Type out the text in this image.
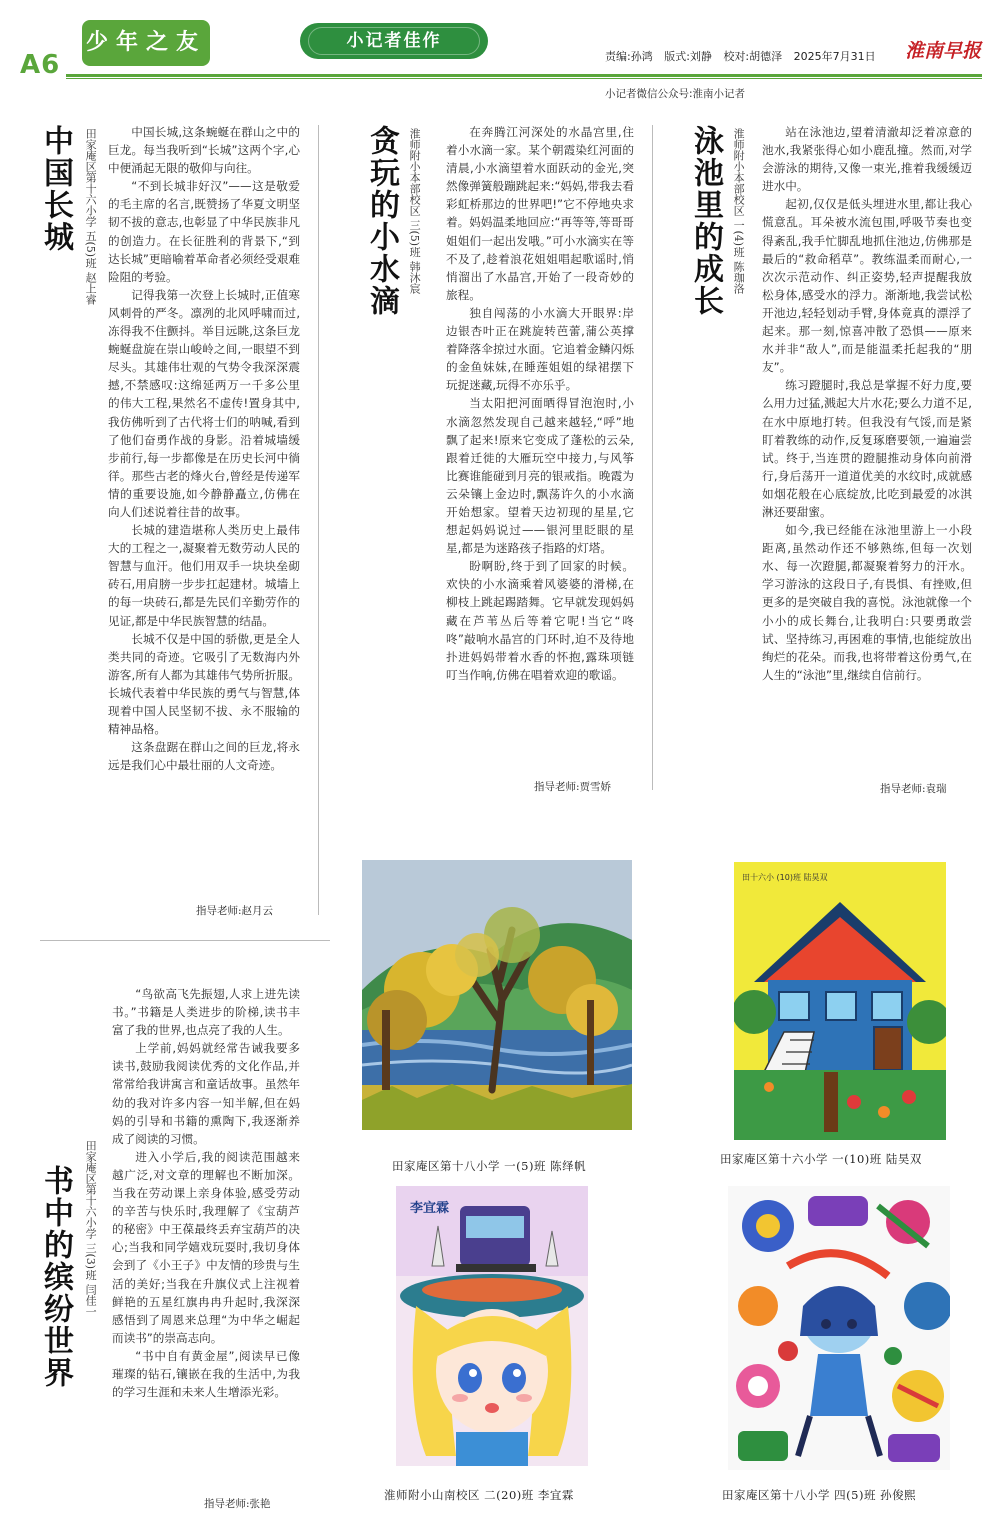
A6
少年之友	小记者佳作
责编:孙鸿 版式:刘静 校对:胡德泽 2025年7月31日	淮南早报
小记者微信公众号:淮南小记者
中国长城 田家庵区第十六小学 五(5)班 赵上睿	中国长城,这条蜿蜒在群山之中的巨龙。每当我听到“长城”这两个字,心中便涌起无限的敬仰与向往。

“不到长城非好汉”——这是敬爱的毛主席的名言,既赞扬了华夏文明坚韧不拔的意志,也彰显了中华民族非凡的创造力。在长征胜利的背景下,“到达长城”更暗喻着革命者必须经受艰难险阻的考验。

记得我第一次登上长城时,正值寒风刺骨的严冬。凛冽的北风呼啸而过,冻得我不住颤抖。举目远眺,这条巨龙蜿蜒盘旋在崇山峻岭之间,一眼望不到尽头。其雄伟壮观的气势令我深深震撼,不禁感叹:这绵延两万一千多公里的伟大工程,果然名不虚传!置身其中,我仿佛听到了古代将士们的呐喊,看到了他们奋勇作战的身影。沿着城墙缓步前行,每一步都像是在历史长河中徜徉。那些古老的烽火台,曾经是传递军情的重要设施,如今静静矗立,仿佛在向人们述说着往昔的故事。

长城的建造堪称人类历史上最伟大的工程之一,凝聚着无数劳动人民的智慧与血汗。他们用双手一块块垒砌砖石,用肩膀一步步扛起建材。城墙上的每一块砖石,都是先民们辛勤劳作的见证,都是中华民族智慧的结晶。

长城不仅是中国的骄傲,更是全人类共同的奇迹。它吸引了无数海内外游客,所有人都为其雄伟气势所折服。长城代表着中华民族的勇气与智慧,体现着中国人民坚韧不拔、永不服输的精神品格。

这条盘踞在群山之间的巨龙,将永远是我们心中最壮丽的人文奇迹。

指导老师:赵月云
贪玩的小水滴 淮师附小本部校区 三(5)班 韩沐宸	在奔腾江河深处的水晶宫里,住着小水滴一家。某个朝霞染红河面的清晨,小水滴望着水面跃动的金光,突然像弹簧般蹦跳起来:“妈妈,带我去看彩虹桥那边的世界吧!”它不停地央求着。妈妈温柔地回应:“再等等,等哥哥姐姐们一起出发哦。”可小水滴实在等不及了,趁着浪花姐姐唱起歌谣时,悄悄溜出了水晶宫,开始了一段奇妙的旅程。

独自闯荡的小水滴大开眼界:岸边银杏叶正在跳旋转芭蕾,蒲公英撑着降落伞掠过水面。它追着金鳞闪烁的金鱼妹妹,在睡莲姐姐的绿裙摆下玩捉迷藏,玩得不亦乐乎。

当太阳把河面晒得冒泡泡时,小水滴忽然发现自己越来越轻,“呼”地飘了起来!原来它变成了蓬松的云朵,跟着迁徙的大雁玩空中接力,与风筝比赛谁能碰到月亮的银戒指。晚霞为云朵镶上金边时,飘荡许久的小水滴开始想家。望着天边初现的星星,它想起妈妈说过——银河里眨眼的星星,都是为迷路孩子指路的灯塔。

盼啊盼,终于到了回家的时候。欢快的小水滴乘着风婆婆的滑梯,在柳枝上跳起踢踏舞。它早就发现妈妈藏在芦苇丛后等着它呢!当它“咚咚”敲响水晶宫的门环时,迫不及待地扑进妈妈带着水香的怀抱,露珠项链叮当作响,仿佛在唱着欢迎的歌谣。

指导老师:贾雪娇
泳池里的成长 淮师附小本部校区 一(4)班 陈珈洛	站在泳池边,望着清澈却泛着凉意的池水,我紧张得心如小鹿乱撞。然而,对学会游泳的期待,又像一束光,推着我缓缓迈进水中。

起初,仅仅是低头埋进水里,都让我心慌意乱。耳朵被水流包围,呼吸节奏也变得紊乱,我手忙脚乱地抓住池边,仿佛那是最后的“救命稻草”。教练温柔而耐心,一次次示范动作、纠正姿势,轻声提醒我放松身体,感受水的浮力。渐渐地,我尝试松开池边,轻轻划动手臂,身体竟真的漂浮了起来。那一刻,惊喜冲散了恐惧——原来水并非“敌人”,而是能温柔托起我的“朋友”。

练习蹬腿时,我总是掌握不好力度,要么用力过猛,溅起大片水花;要么力道不足,在水中原地打转。但我没有气馁,而是紧盯着教练的动作,反复琢磨要领,一遍遍尝试。终于,当连贯的蹬腿推动身体向前滑行,身后荡开一道道优美的水纹时,成就感如烟花般在心底绽放,比吃到最爱的冰淇淋还要甜蜜。

如今,我已经能在泳池里游上一小段距离,虽然动作还不够熟练,但每一次划水、每一次蹬腿,都凝聚着努力的汗水。学习游泳的这段日子,有畏惧、有挫败,但更多的是突破自我的喜悦。泳池就像一个小小的成长舞台,让我明白:只要勇敢尝试、坚持练习,再困难的事情,也能绽放出绚烂的花朵。而我,也将带着这份勇气,在人生的“泳池”里,继续自信前行。

指导老师:袁瑞
书中的缤纷世界 田家庵区第十六小学 三(3)班 闫佳一

“鸟欲高飞先振翅,人求上进先读书。”书籍是人类进步的阶梯,读书丰富了我的世界,也点亮了我的人生。

上学前,妈妈就经常告诫我要多读书,鼓励我阅读优秀的文化作品,并常常给我讲寓言和童话故事。虽然年幼的我对许多内容一知半解,但在妈妈的引导和书籍的熏陶下,我逐渐养成了阅读的习惯。

进入小学后,我的阅读范围越来越广泛,对文章的理解也不断加深。当我在劳动课上亲身体验,感受劳动的辛苦与快乐时,我理解了《宝葫芦的秘密》中王葆最终丢弃宝葫芦的决心;当我和同学嬉戏玩耍时,我切身体会到了《小王子》中友情的珍贵与生活的美好;当我在升旗仪式上注视着鲜艳的五星红旗冉冉升起时,我深深感悟到了周恩来总理“为中华之崛起而读书”的崇高志向。

“书中自有黄金屋”,阅读早已像璀璨的钻石,镶嵌在我的生活中,为我的学习生涯和未来人生增添光彩。

指导老师:张艳
田家庵区第十八小学 一(5)班 陈绎帆
田十六小 (10)班 陆昊双
田家庵区第十六小学 一(10)班 陆昊双
李宜霖
淮师附小山南校区 二(20)班 李宜霖	田家庵区第十八小学 四(5)班 孙俊熙
